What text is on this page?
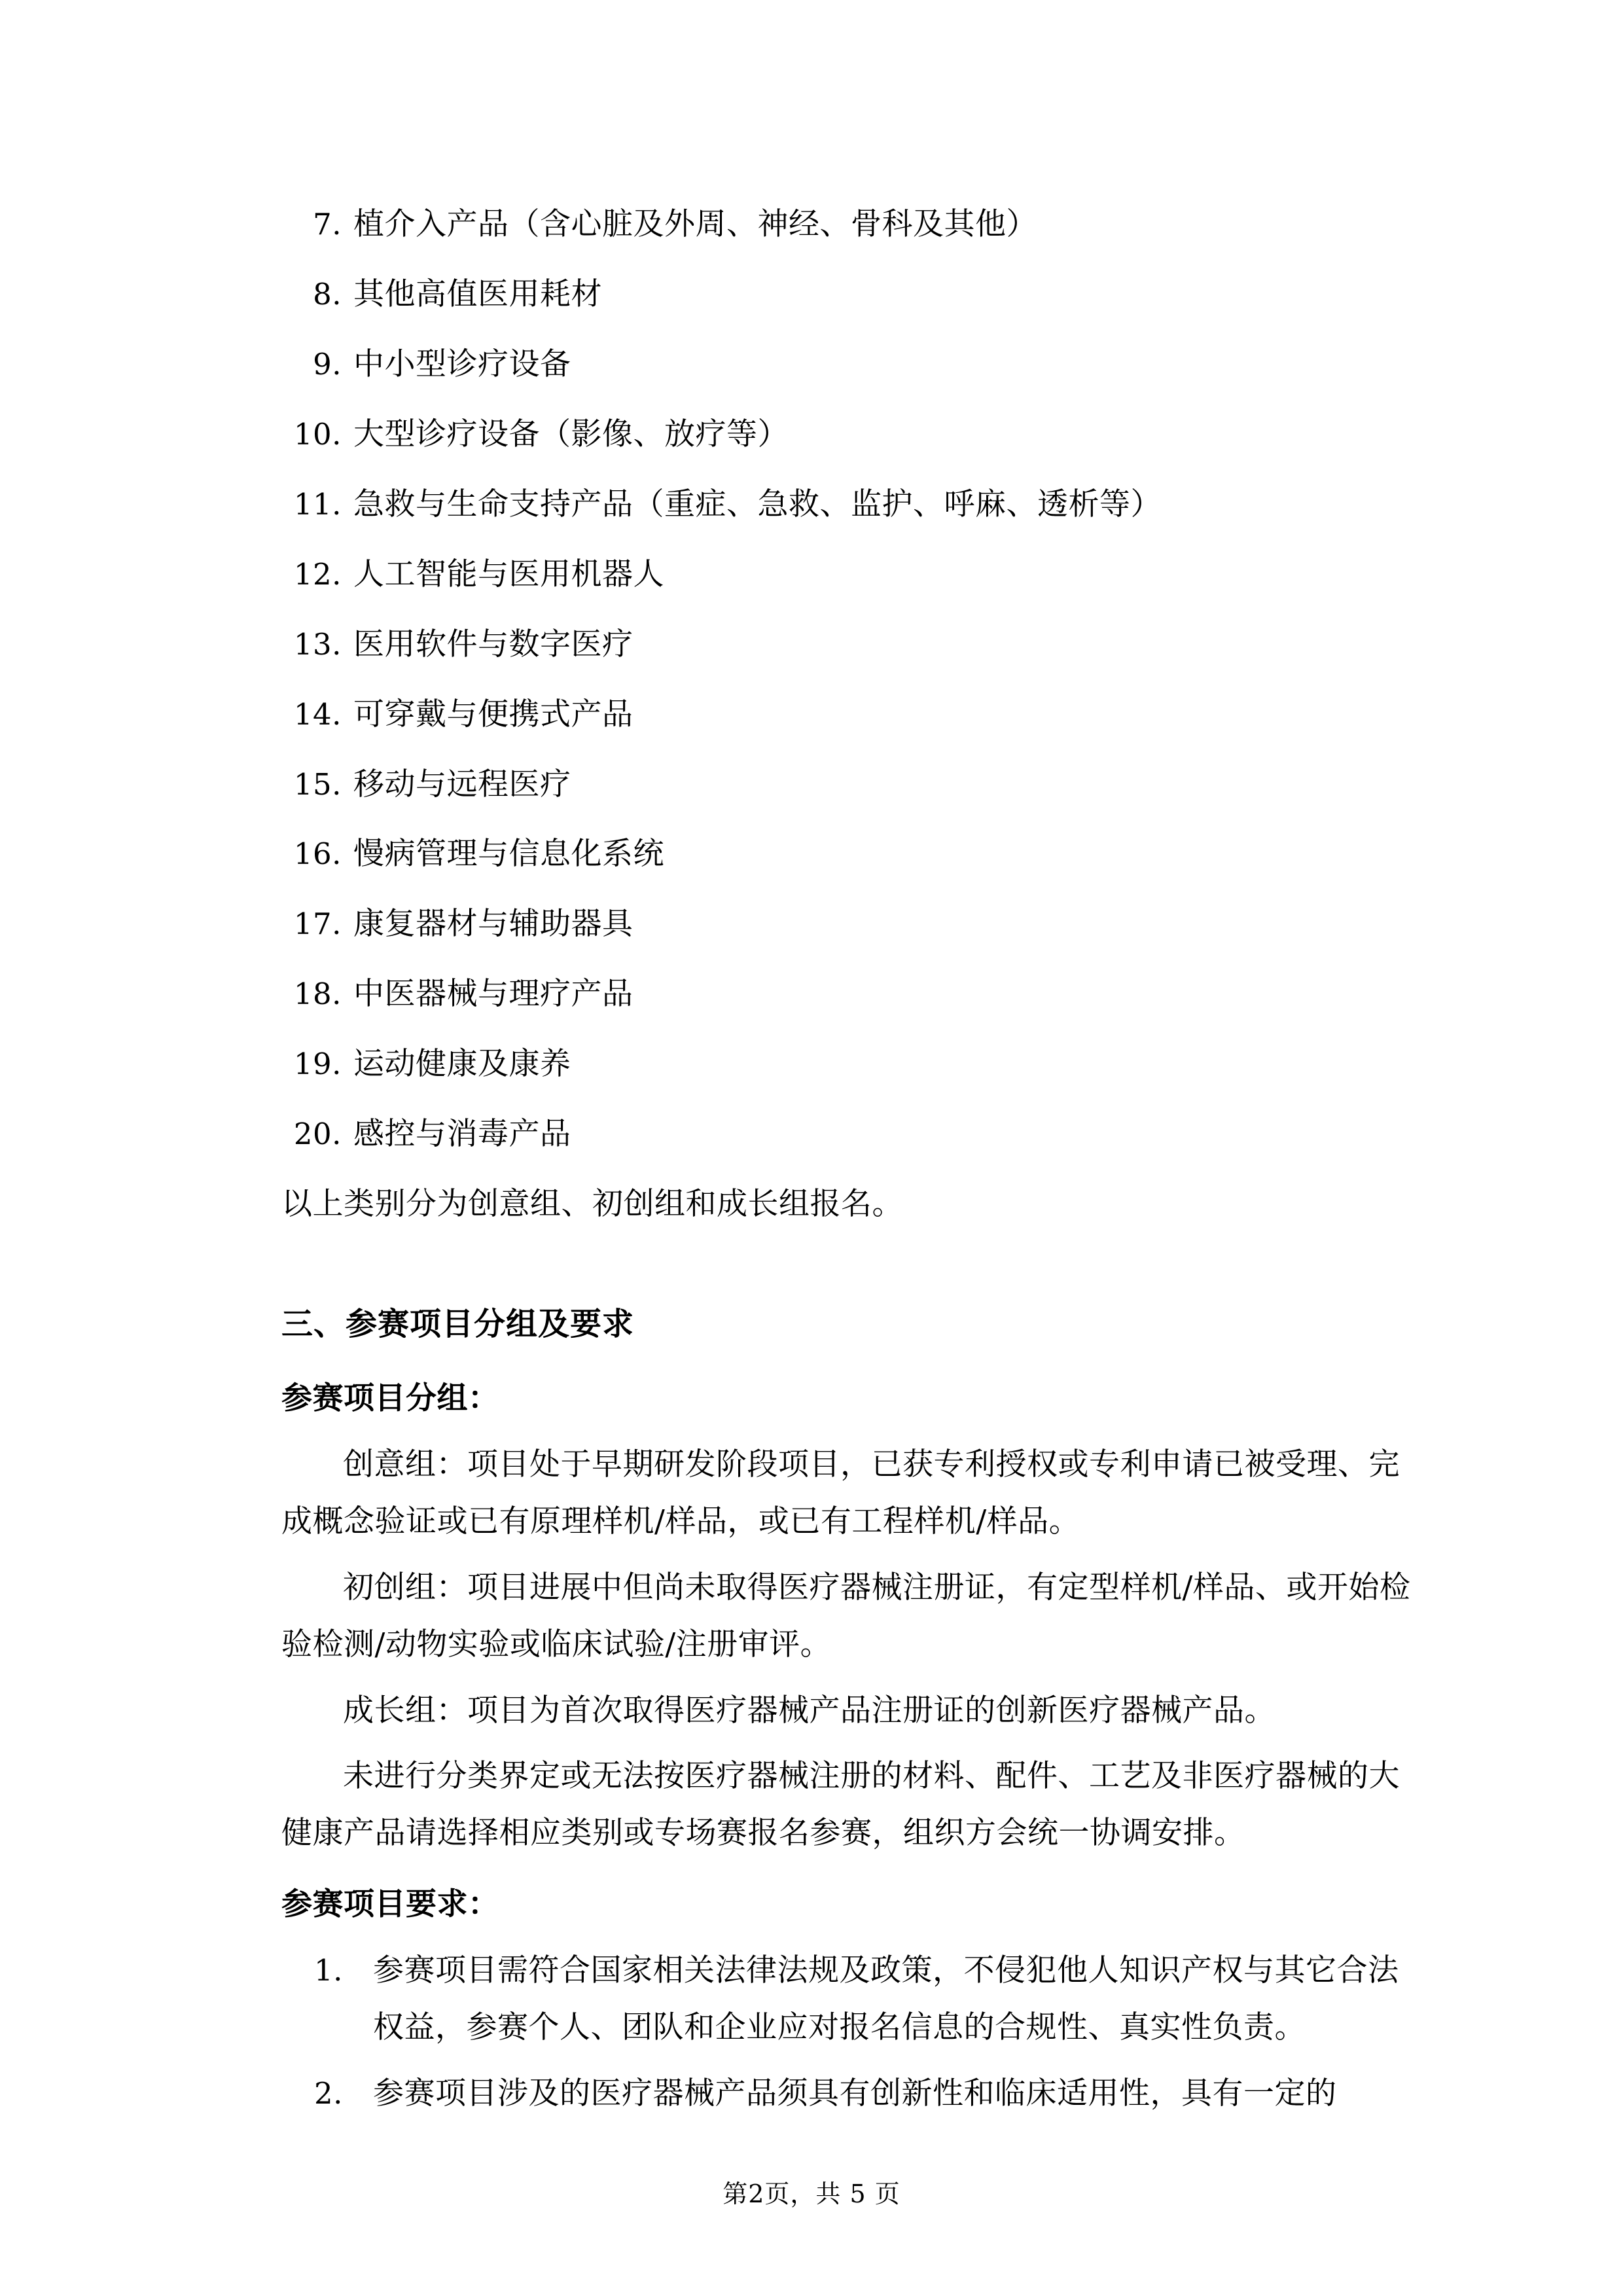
7. 植介入产品（含心脏及外周、神经、骨科及其他）
8. 其他高值医用耗材
9. 中小型诊疗设备
10. 大型诊疗设备（影像、放疗等）
11. 急救与生命支持产品（重症、急救、监护、呼麻、透析等）
12. 人工智能与医用机器人
13. 医用软件与数字医疗
14. 可穿戴与便携式产品
15. 移动与远程医疗
16. 慢病管理与信息化系统
17. 康复器材与辅助器具
18. 中医器械与理疗产品
19. 运动健康及康养
20. 感控与消毒产品

以上类别分为创意组、初创组和成长组报名。

三、参赛项目分组及要求

参赛项目分组：

创意组：项目处于早期研发阶段项目，已获专利授权或专利申请已被受理、完成概念验证或已有原理样机/样品，或已有工程样机/样品。

初创组：项目进展中但尚未取得医疗器械注册证，有定型样机/样品、或开始检验检测/动物实验或临床试验/注册审评。

成长组：项目为首次取得医疗器械产品注册证的创新医疗器械产品。

未进行分类界定或无法按医疗器械注册的材料、配件、工艺及非医疗器械的大健康产品请选择相应类别或专场赛报名参赛，组织方会统一协调安排。

参赛项目要求：

1. 参赛项目需符合国家相关法律法规及政策，不侵犯他人知识产权与其它合法权益，参赛个人、团队和企业应对报名信息的合规性、真实性负责。
2. 参赛项目涉及的医疗器械产品须具有创新性和临床适用性，具有一定的
第2页，共 5 页
